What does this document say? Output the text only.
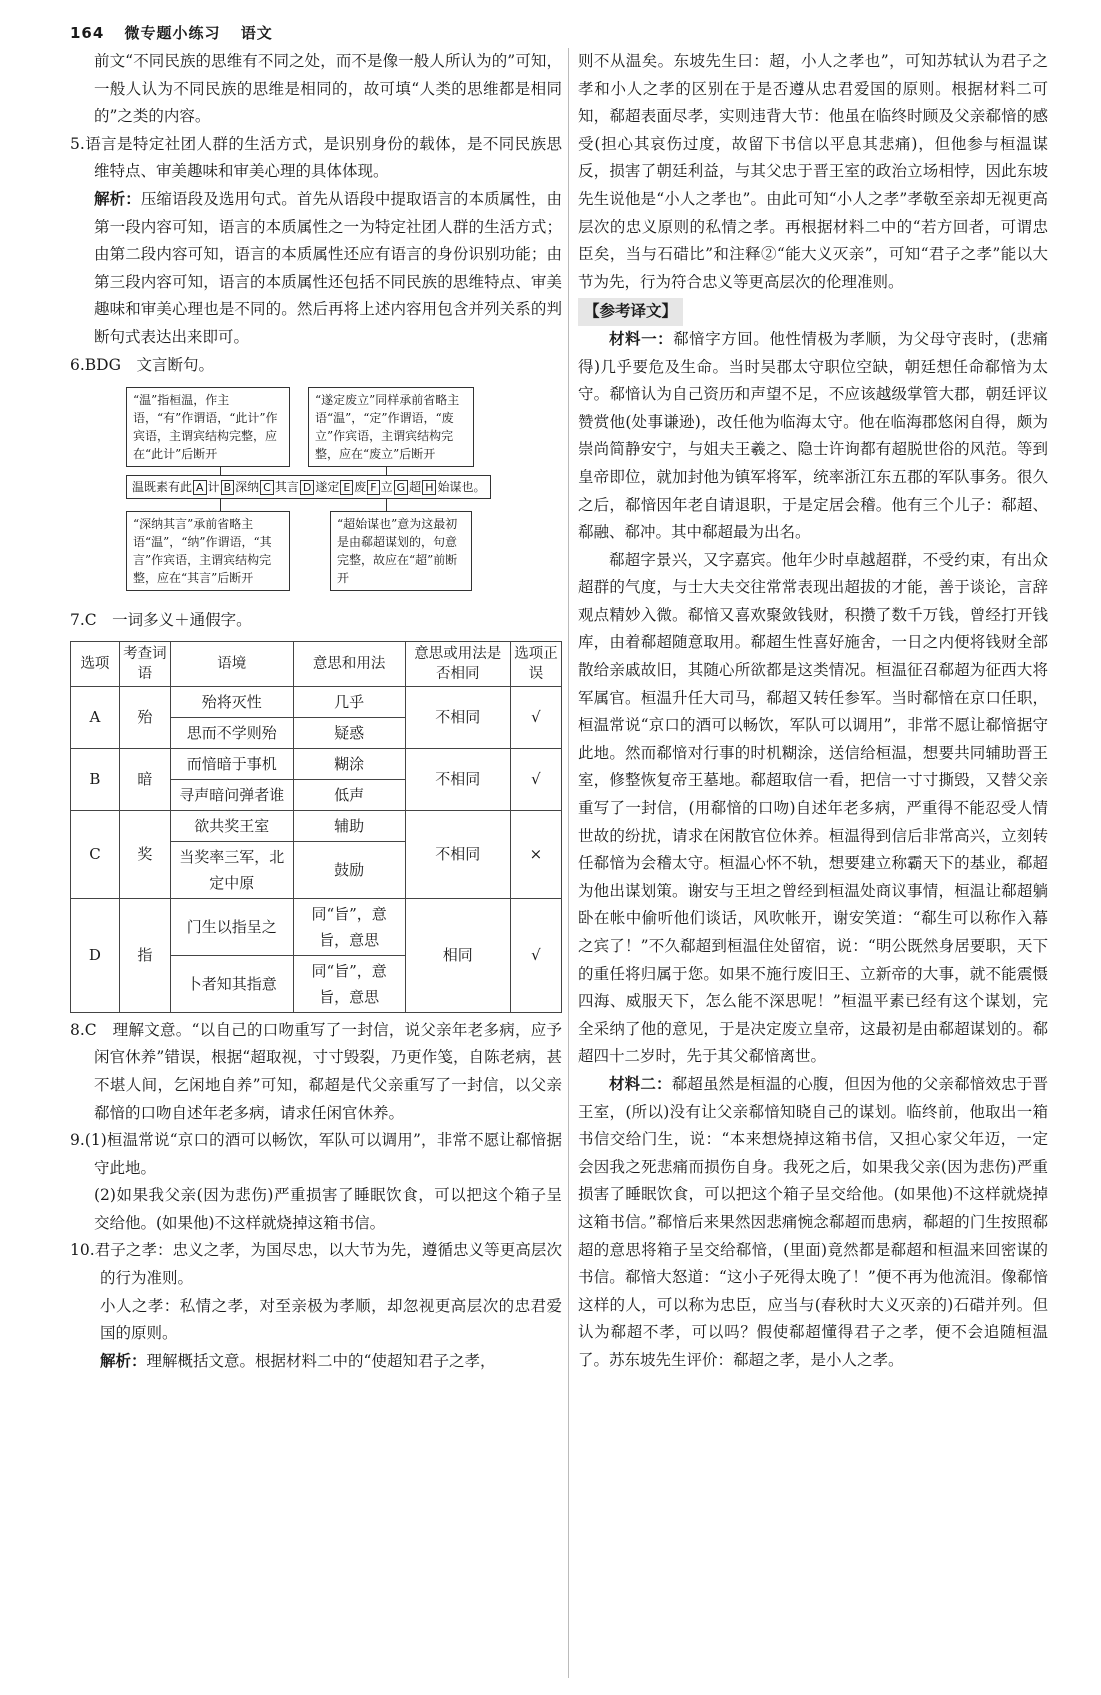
164 微专题小练习 语文

前文“不同民族的思维有不同之处，而不是像一般人所认为的”可知，一般人认为不同民族的思维是相同的，故可填“人类的思维都是相同的”之类的内容。

5.语言是特定社团人群的生活方式，是识别身份的载体，是不同民族思维特点、审美趣味和审美心理的具体体现。

解析：压缩语段及选用句式。首先从语段中提取语言的本质属性，由第一段内容可知，语言的本质属性之一为特定社团人群的生活方式；由第二段内容可知，语言的本质属性还应有语言的身份识别功能；由第三段内容可知，语言的本质属性还包括不同民族的思维特点、审美趣味和审美心理也是不同的。然后再将上述内容用包含并列关系的判断句式表达出来即可。

6.BDG　文言断句。

“温”指桓温，作主语，“有”作谓语，“此计”作宾语，主谓宾结构完整，应在“此计”后断开
“遂定废立”同样承前省略主语“温”，“定”作谓语，“废立”作宾语，主谓宾结构完整，应在“废立”后断开
温既素有此 A 计 B 深纳 C 其言 D 遂定 E 废 F 立 G 超 H 始谋也。
“深纳其言”承前省略主语“温”，“纳”作谓语，“其言”作宾语，主谓宾结构完整，应在“其言”后断开
“超始谋也”意为这最初是由郗超谋划的，句意完整，故应在“超”前断开

7.C　一词多义＋通假字。

选项	考查词语	语境	意思和用法	意思或用法是否相同	选项正误
A	殆	殆将灭性	几乎	不相同	√
		思而不学则殆	疑惑		
B	暗	而愔暗于事机	糊涂	不相同	√
		寻声暗问弹者谁	低声		
C	奖	欲共奖王室	辅助	不相同	×
		当奖率三军，北定中原	鼓励		
D	指	门生以指呈之	同“旨”，意旨，意思	相同	√
		卜者知其指意	同“旨”，意旨，意思		

8.C　理解文意。“以自己的口吻重写了一封信，说父亲年老多病，应予闲官休养”错误，根据“超取视，寸寸毁裂，乃更作笺，自陈老病，甚不堪人间，乞闲地自养”可知，郗超是代父亲重写了一封信，以父亲郗愔的口吻自述年老多病，请求任闲官休养。

9.(1)桓温常说“京口的酒可以畅饮，军队可以调用”，非常不愿让郗愔据守此地。

(2)如果我父亲(因为悲伤)严重损害了睡眠饮食，可以把这个箱子呈交给他。(如果他)不这样就烧掉这箱书信。

10.君子之孝：忠义之孝，为国尽忠，以大节为先，遵循忠义等更高层次的行为准则。

小人之孝：私情之孝，对至亲极为孝顺，却忽视更高层次的忠君爱国的原则。

解析：理解概括文意。根据材料二中的“使超知君子之孝，

则不从温矣。东坡先生曰：超，小人之孝也”，可知苏轼认为君子之孝和小人之孝的区别在于是否遵从忠君爱国的原则。根据材料二可知，郗超表面尽孝，实则违背大节：他虽在临终时顾及父亲郗愔的感受(担心其哀伤过度，故留下书信以平息其悲痛)，但他参与桓温谋反，损害了朝廷利益，与其父忠于晋王室的政治立场相悖，因此东坡先生说他是“小人之孝也”。由此可知“小人之孝”孝敬至亲却无视更高层次的忠义原则的私情之孝。再根据材料二中的“若方回者，可谓忠臣矣，当与石碏比”和注释②“能大义灭亲”，可知“君子之孝”能以大节为先，行为符合忠义等更高层次的伦理准则。

【参考译文】

材料一：郗愔字方回。他性情极为孝顺，为父母守丧时，(悲痛得)几乎要危及生命。当时吴郡太守职位空缺，朝廷想任命郗愔为太守。郗愔认为自己资历和声望不足，不应该越级掌管大郡，朝廷评议赞赏他(处事谦逊)，改任他为临海太守。他在临海郡悠闲自得，颇为崇尚简静安宁，与姐夫王羲之、隐士许询都有超脱世俗的风范。等到皇帝即位，就加封他为镇军将军，统率浙江东五郡的军队事务。很久之后，郗愔因年老自请退职，于是定居会稽。他有三个儿子：郗超、郗融、郗冲。其中郗超最为出名。

郗超字景兴，又字嘉宾。他年少时卓越超群，不受约束，有出众超群的气度，与士大夫交往常常表现出超拔的才能，善于谈论，言辞观点精妙入微。郗愔又喜欢聚敛钱财，积攒了数千万钱，曾经打开钱库，由着郗超随意取用。郗超生性喜好施舍，一日之内便将钱财全部散给亲戚故旧，其随心所欲都是这类情况。桓温征召郗超为征西大将军属官。桓温升任大司马，郗超又转任参军。当时郗愔在京口任职，桓温常说“京口的酒可以畅饮，军队可以调用”，非常不愿让郗愔据守此地。然而郗愔对行事的时机糊涂，送信给桓温，想要共同辅助晋王室，修整恢复帝王墓地。郗超取信一看，把信一寸寸撕毁，又替父亲重写了一封信，(用郗愔的口吻)自述年老多病，严重得不能忍受人情世故的纷扰，请求在闲散官位休养。桓温得到信后非常高兴，立刻转任郗愔为会稽太守。桓温心怀不轨，想要建立称霸天下的基业，郗超为他出谋划策。谢安与王坦之曾经到桓温处商议事情，桓温让郗超躺卧在帐中偷听他们谈话，风吹帐开，谢安笑道：“郗生可以称作入幕之宾了！”不久郗超到桓温住处留宿，说：“明公既然身居要职，天下的重任将归属于您。如果不施行废旧王、立新帝的大事，就不能震慑四海、威服天下，怎么能不深思呢！”桓温平素已经有这个谋划，完全采纳了他的意见，于是决定废立皇帝，这最初是由郗超谋划的。郗超四十二岁时，先于其父郗愔离世。

材料二：郗超虽然是桓温的心腹，但因为他的父亲郗愔效忠于晋王室，(所以)没有让父亲郗愔知晓自己的谋划。临终前，他取出一箱书信交给门生，说：“本来想烧掉这箱书信，又担心家父年迈，一定会因我之死悲痛而损伤自身。我死之后，如果我父亲(因为悲伤)严重损害了睡眠饮食，可以把这个箱子呈交给他。(如果他)不这样就烧掉这箱书信。”郗愔后来果然因悲痛惋念郗超而患病，郗超的门生按照郗超的意思将箱子呈交给郗愔，(里面)竟然都是郗超和桓温来回密谋的书信。郗愔大怒道：“这小子死得太晚了！”便不再为他流泪。像郗愔这样的人，可以称为忠臣，应当与(春秋时大义灭亲的)石碏并列。但认为郗超不孝，可以吗？假使郗超懂得君子之孝，便不会追随桓温了。苏东坡先生评价：郗超之孝，是小人之孝。
